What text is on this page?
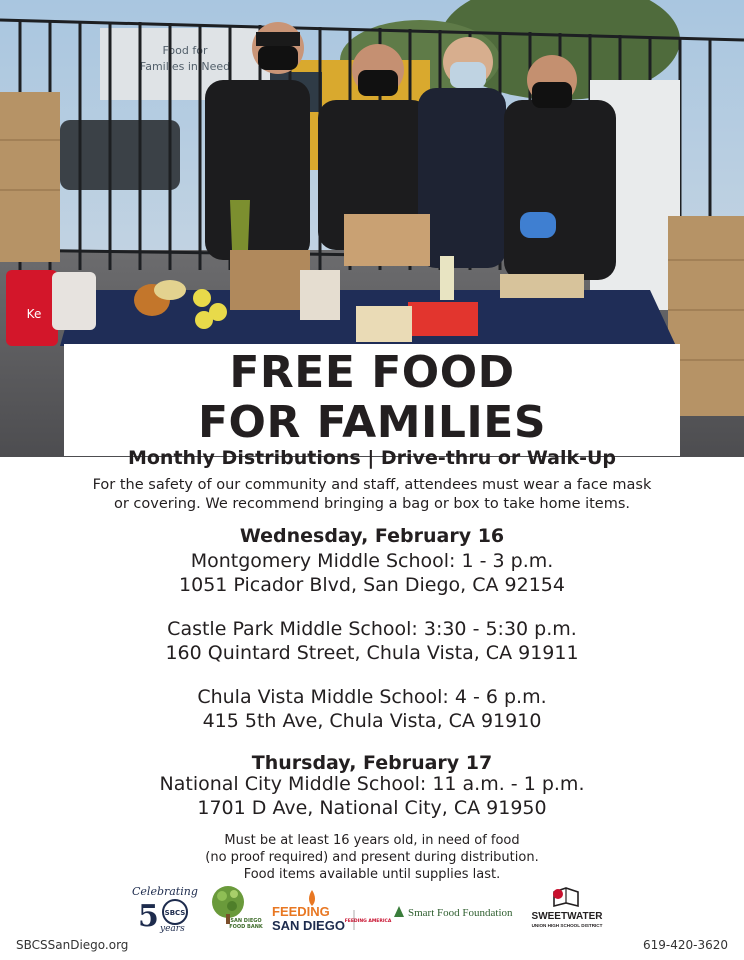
Food for
Families in Need
Ke
FREE FOOD
FOR FAMILIES
Monthly Distributions | Drive-thru or Walk-Up
For the safety of our community and staff, attendees must wear a face mask
or covering. We recommend bringing a bag or box to take home items.
Wednesday, February 16
Montgomery Middle School: 1 - 3 p.m.
1051 Picador Blvd, San Diego, CA 92154
Castle Park Middle School: 3:30 - 5:30 p.m.
160 Quintard Street, Chula Vista, CA 91911
Chula Vista Middle School: 4 - 6 p.m.
415 5th Ave, Chula Vista, CA 91910
Thursday, February 17
National City Middle School: 11 a.m. - 1 p.m.
1701 D Ave, National City, CA 91950
Must be at least 16 years old, in need of food
(no proof required) and present during distribution.
Food items available until supplies last.
Celebrating
5 SBCS
years
SAN DIEGO
FOOD BANK
FEEDING
SAN DIEGO FEEDING AMERICA
Smart Food Foundation SWEETWATER
UNION HIGH SCHOOL DISTRICT
SBCSSanDiego.org	619-420-3620
